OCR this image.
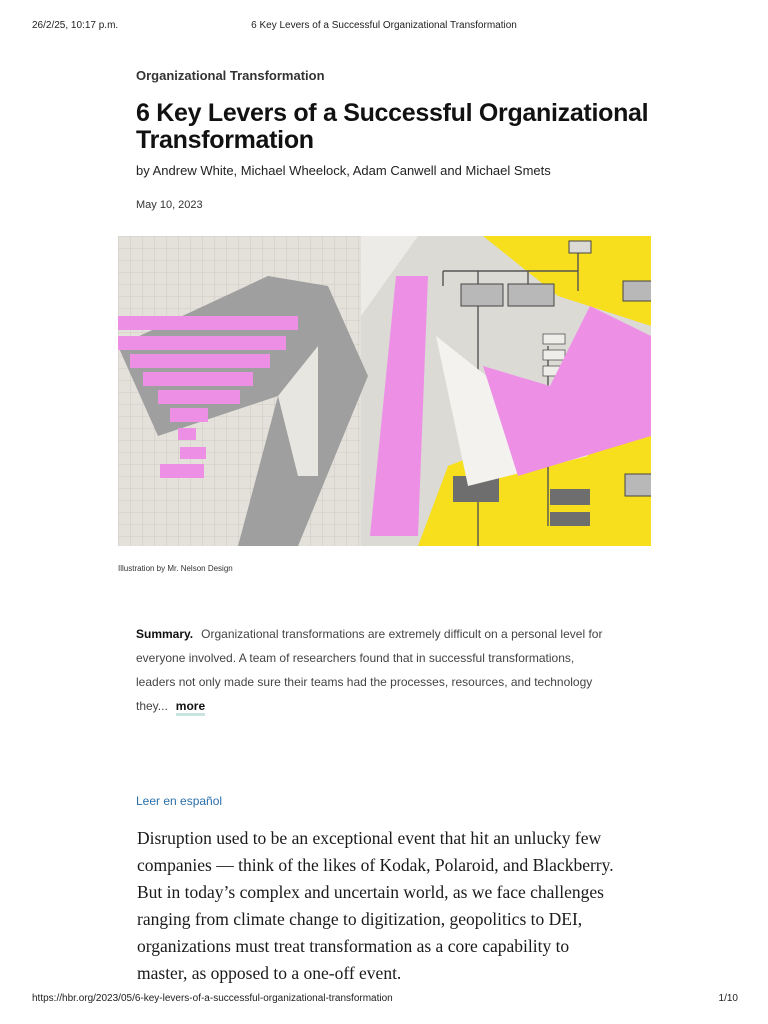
26/2/25, 10:17 p.m.	6 Key Levers of a Successful Organizational Transformation
Organizational Transformation
6 Key Levers of a Successful Organizational Transformation
by Andrew White, Michael Wheelock, Adam Canwell and Michael Smets
May 10, 2023
Illustration by Mr. Nelson Design

Summary. Organizational transformations are extremely difficult on a personal level for everyone involved. A team of researchers found that in successful transformations, leaders not only made sure their teams had the processes, resources, and technology they... more

Leer en español

Disruption used to be an exceptional event that hit an unlucky few companies — think of the likes of Kodak, Polaroid, and Blackberry. But in today’s complex and uncertain world, as we face challenges ranging from climate change to digitization, geopolitics to DEI, organizations must treat transformation as a core capability to master, as opposed to a one-off event.

https://hbr.org/2023/05/6-key-levers-of-a-successful-organizational-transformation	1/10
